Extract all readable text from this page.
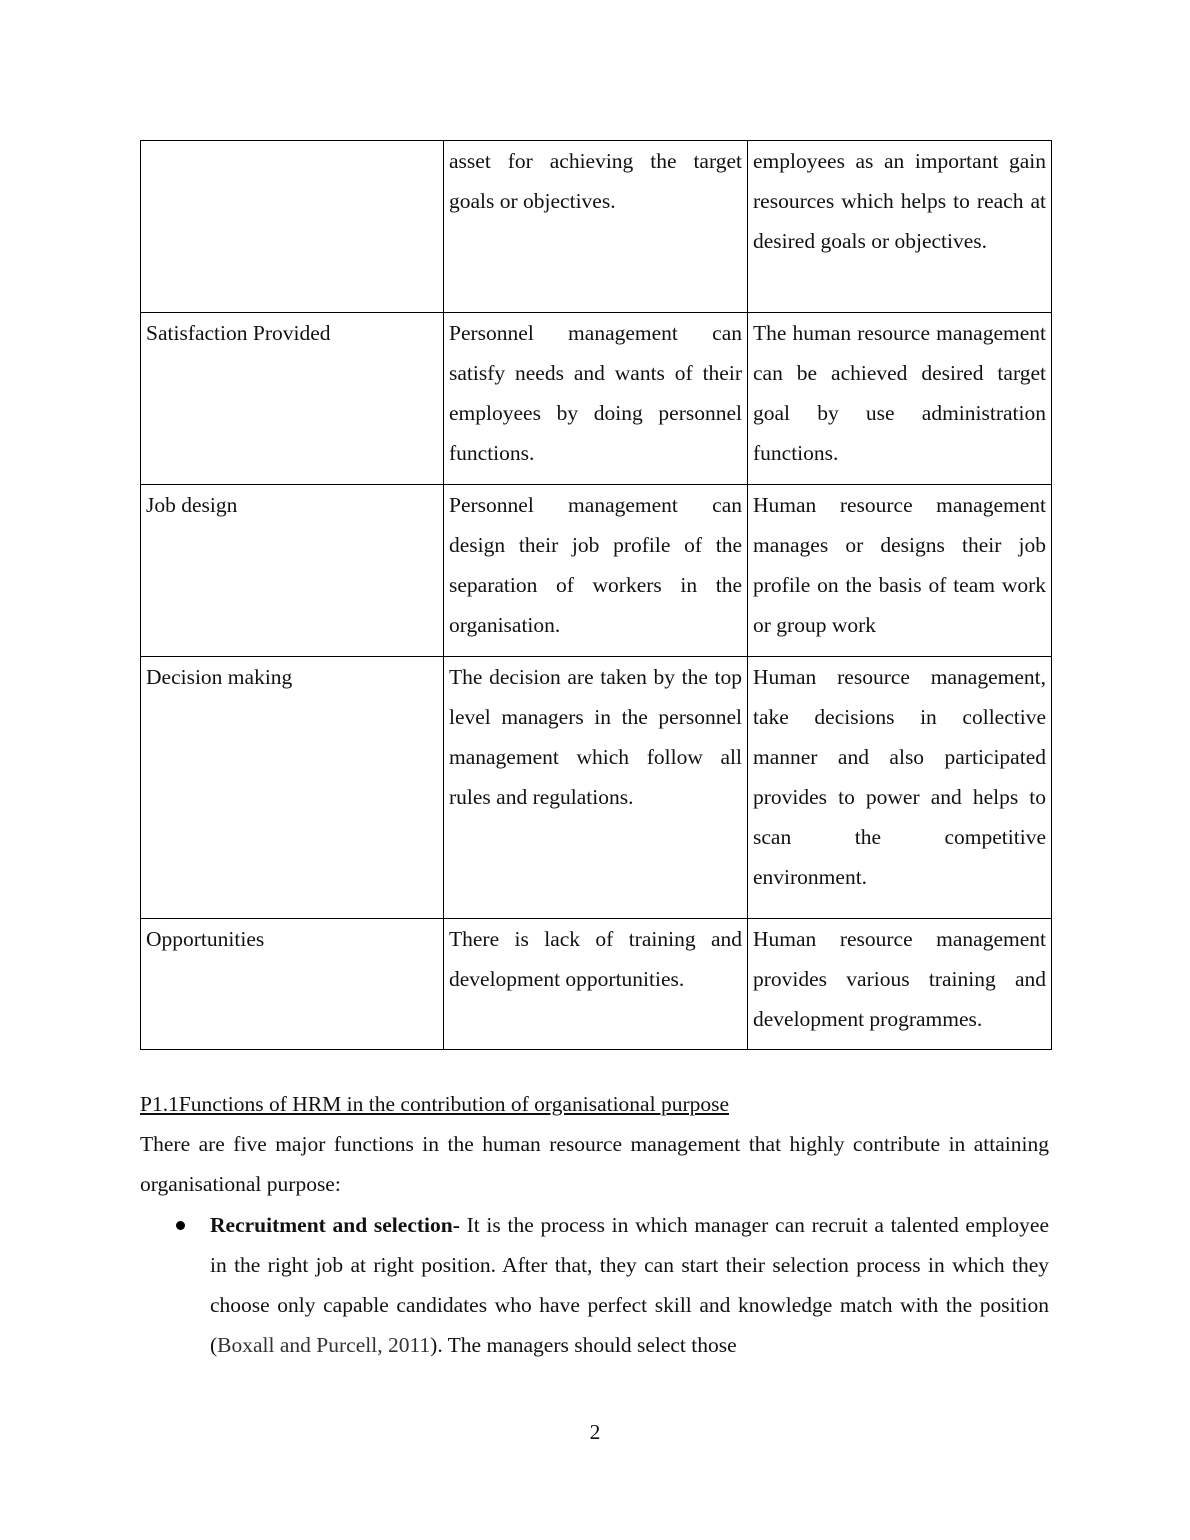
	asset for achieving the target goals or objectives.	employees as an important gain resources which helps to reach at desired goals or objectives.

Satisfaction Provided	Personnel management can satisfy needs and wants of their employees by doing personnel functions.	The human resource management can be achieved desired target goal by use administration functions.

Job design	Personnel management can design their job profile of the separation of workers in the organisation.	Human resource management manages or designs their job profile on the basis of team work or group work

Decision making	The decision are taken by the top level managers in the personnel management which follow all rules and regulations.	Human resource management, take decisions in collective manner and also participated provides to power and helps to scan the competitive environment.

Opportunities	There is lack of training and development opportunities.	Human resource management provides various training and development programmes.
P1.1Functions of HRM in the contribution of organisational purpose

There are five major functions in the human resource management that highly contribute in attaining organisational purpose:

Recruitment and selection- It is the process in which manager can recruit a talented employee in the right job at right position. After that, they can start their selection process in which they choose only capable candidates who have perfect skill and knowledge match with the position (Boxall and Purcell, 2011). The managers should select those
2
